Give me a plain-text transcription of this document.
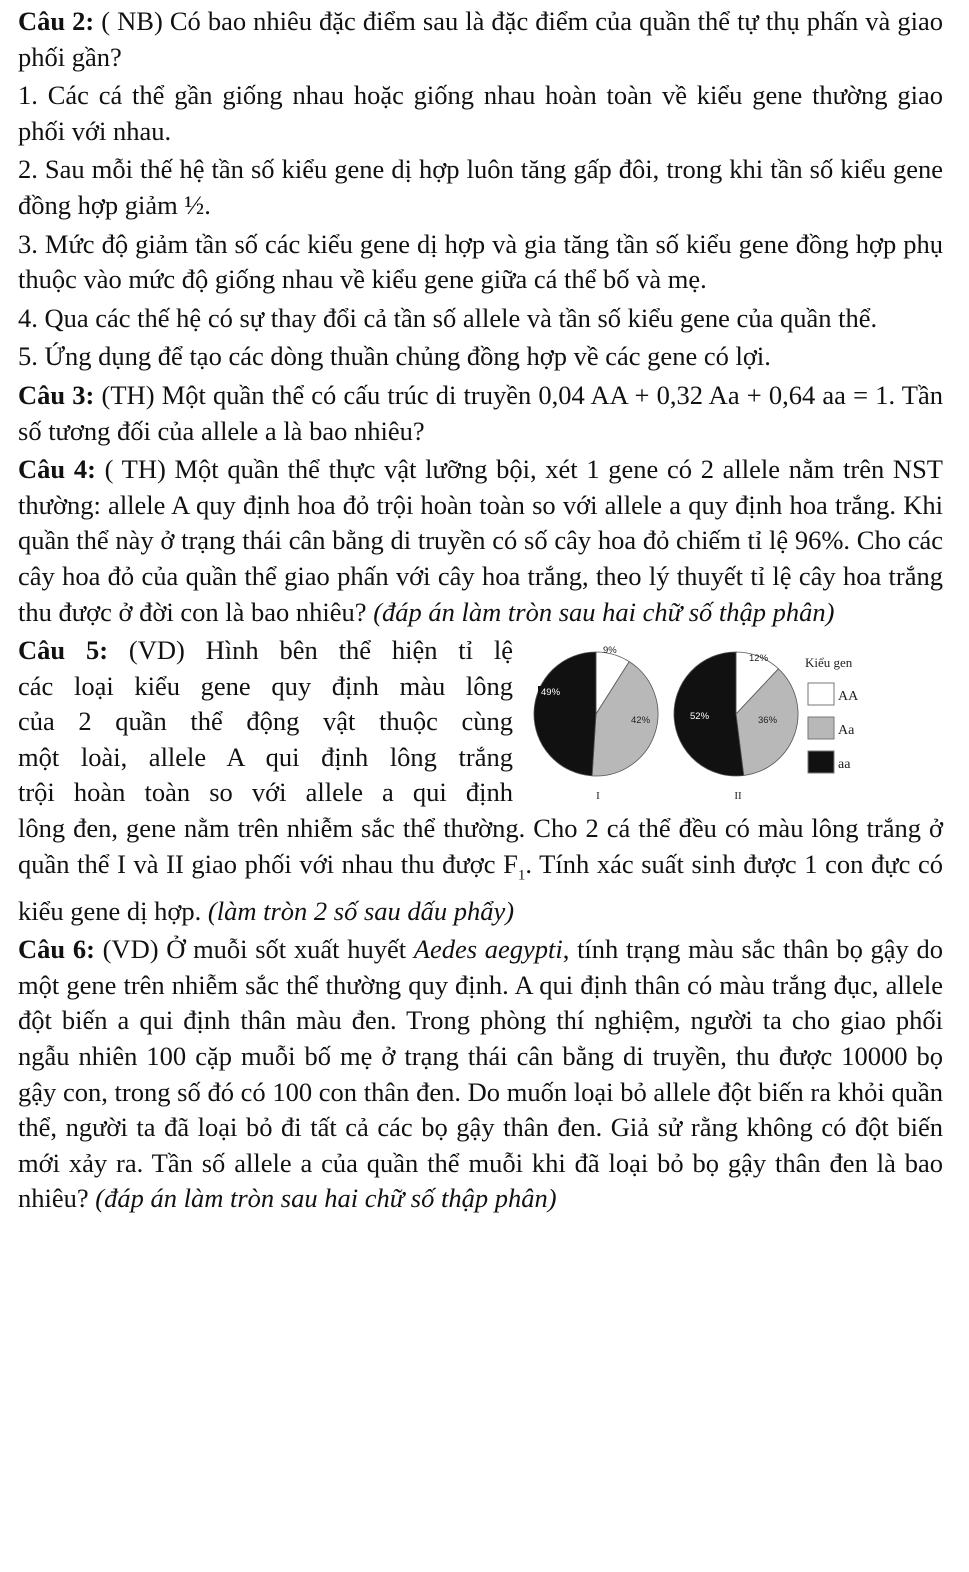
Câu 2: ( NB) Có bao nhiêu đặc điểm sau là đặc điểm của quần thể tự thụ phấn và giao phối gần?

1. Các cá thể gần giống nhau hoặc giống nhau hoàn toàn về kiểu gene thường giao phối với nhau.

2. Sau mỗi thế hệ tần số kiểu gene dị hợp luôn tăng gấp đôi, trong khi tần số kiểu gene đồng hợp giảm ½.

3. Mức độ giảm tần số các kiểu gene dị hợp và gia tăng tần số kiểu gene đồng hợp phụ thuộc vào mức độ giống nhau về kiểu gene giữa cá thể bố và mẹ.

4. Qua các thế hệ có sự thay đổi cả tần số allele và tần số kiểu gene của quần thể.

5. Ứng dụng để tạo các dòng thuần chủng đồng hợp về các gene có lợi.

Câu 3: (TH) Một quần thể có cấu trúc di truyền 0,04 AA + 0,32 Aa + 0,64 aa = 1. Tần số tương đối của allele a là bao nhiêu?

Câu 4: ( TH) Một quần thể thực vật lưỡng bội, xét 1 gene có 2 allele nằm trên NST thường: allele A quy định hoa đỏ trội hoàn toàn so với allele a quy định hoa trắng. Khi quần thể này ở trạng thái cân bằng di truyền có số cây hoa đỏ chiếm tỉ lệ 96%. Cho các cây hoa đỏ của quần thể giao phấn với cây hoa trắng, theo lý thuyết tỉ lệ cây hoa trắng thu được ở đời con là bao nhiêu? (đáp án làm tròn sau hai chữ số thập phân)

Câu 5: (VD) Hình bên thể hiện tỉ lệ

các loại kiểu gene quy định màu lông

của 2 quần thể động vật thuộc cùng

một loài, allele A qui định lông trắng

trội hoàn toàn so với allele a qui định

lông đen, gene nằm trên nhiễm sắc thể thường. Cho 2 cá thể đều có màu lông trắng ở quần thể I và II giao phối với nhau thu được $F_1$. Tính xác suất sinh được 1 con đực có kiểu gene dị hợp. (làm tròn 2 số sau dấu phẩy)

9%
42%
49%
I
12%
36%
52%
II
Kiểu gen
AA
Aa
aa

Câu 6: (VD) Ở muỗi sốt xuất huyết Aedes aegypti, tính trạng màu sắc thân bọ gậy do một gene trên nhiễm sắc thể thường quy định. A qui định thân có màu trắng đục, allele đột biến a qui định thân màu đen. Trong phòng thí nghiệm, người ta cho giao phối ngẫu nhiên 100 cặp muỗi bố mẹ ở trạng thái cân bằng di truyền, thu được 10000 bọ gậy con, trong số đó có 100 con thân đen. Do muốn loại bỏ allele đột biến ra khỏi quần thể, người ta đã loại bỏ đi tất cả các bọ gậy thân đen. Giả sử rằng không có đột biến mới xảy ra. Tần số allele a của quần thể muỗi khi đã loại bỏ bọ gậy thân đen là bao nhiêu? (đáp án làm tròn sau hai chữ số thập phân)
